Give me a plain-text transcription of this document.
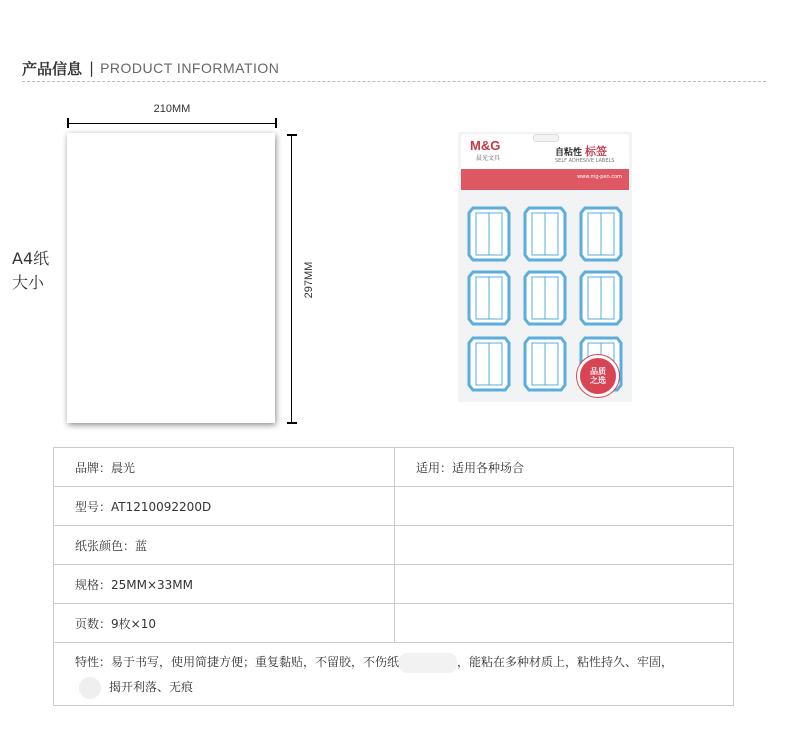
产品信息 | PRODUCT INFORMATION
A4纸
大小
210MM
297MM
M&G
晨光文具
自粘性 标签
SELF ADHESIVE LABELS
www.mg-pen.com
品质
之选
品牌：晨光	适用：适用各种场合
型号：AT1210092200D	
纸张颜色：蓝	
规格：25MM×33MM	
页数：9枚×10	
特性：易于书写，使用简捷方便；重复黏贴，不留胶，不伤纸 ，能粘在多种材质上，粘性持久、牢固，
揭开利落、无痕	
